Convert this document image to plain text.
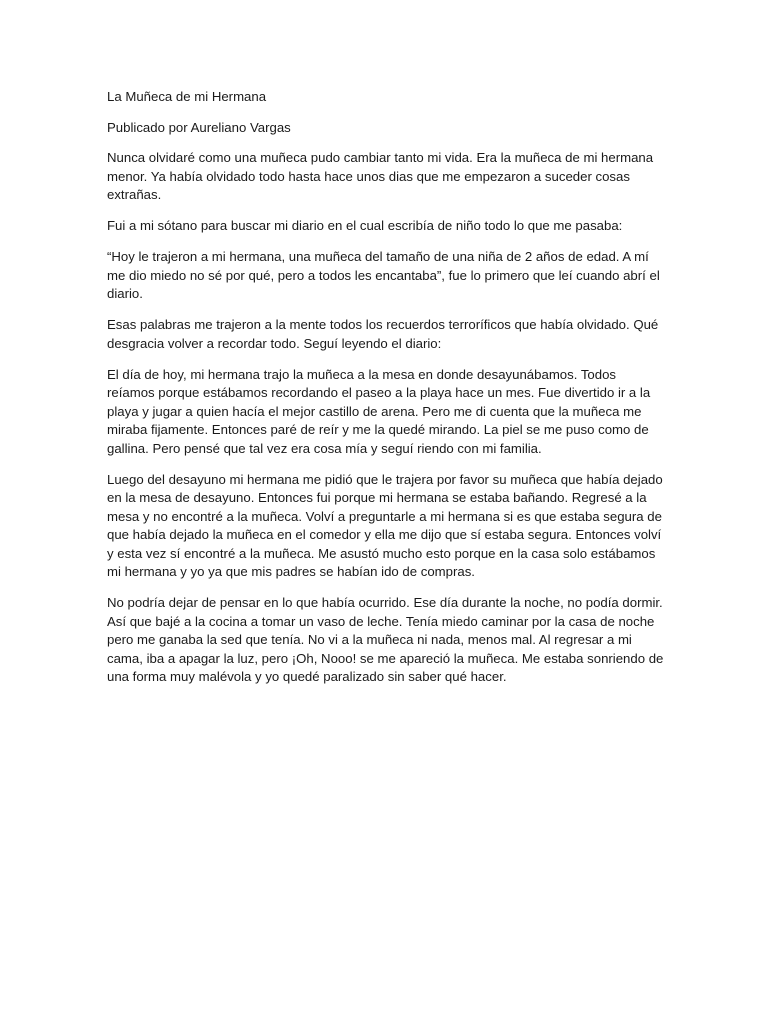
La Muñeca de mi Hermana

Publicado por Aureliano Vargas

Nunca olvidaré como una muñeca pudo cambiar tanto mi vida. Era la muñeca de mi hermana menor. Ya había olvidado todo hasta hace unos dias que me empezaron a suceder cosas extrañas.

Fui a mi sótano para buscar mi diario en el cual escribía de niño todo lo que me pasaba:

“Hoy le trajeron a mi hermana, una muñeca del tamaño de una niña de 2 años de edad. A mí me dio miedo no sé por qué, pero a todos les encantaba”, fue lo primero que leí cuando abrí el diario.

Esas palabras me trajeron a la mente todos los recuerdos terroríficos que había olvidado. Qué desgracia volver a recordar todo. Seguí leyendo el diario:

El día de hoy, mi hermana trajo la muñeca a la mesa en donde desayunábamos. Todos reíamos porque estábamos recordando el paseo a la playa hace un mes. Fue divertido ir a la playa y jugar a quien hacía el mejor castillo de arena. Pero me di cuenta que la muñeca me miraba fijamente. Entonces paré de reír y me la quedé mirando. La piel se me puso como de gallina. Pero pensé que tal vez era cosa mía y seguí riendo con mi familia.

Luego del desayuno mi hermana me pidió que le trajera por favor su muñeca que había dejado en la mesa de desayuno. Entonces fui porque mi hermana se estaba bañando. Regresé a la mesa y no encontré a la muñeca. Volví a preguntarle a mi hermana si es que estaba segura de que había dejado la muñeca en el comedor y ella me dijo que sí estaba segura. Entonces volví y esta vez sí encontré a la muñeca. Me asustó mucho esto porque en la casa solo estábamos mi hermana y yo ya que mis padres se habían ido de compras.

No podría dejar de pensar en lo que había ocurrido. Ese día durante la noche, no podía dormir. Así que bajé a la cocina a tomar un vaso de leche. Tenía miedo caminar por la casa de noche pero me ganaba la sed que tenía. No vi a la muñeca ni nada, menos mal. Al regresar a mi cama, iba a apagar la luz, pero ¡Oh, Nooo! se me apareció la muñeca. Me estaba sonriendo de una forma muy malévola y yo quedé paralizado sin saber qué hacer.
